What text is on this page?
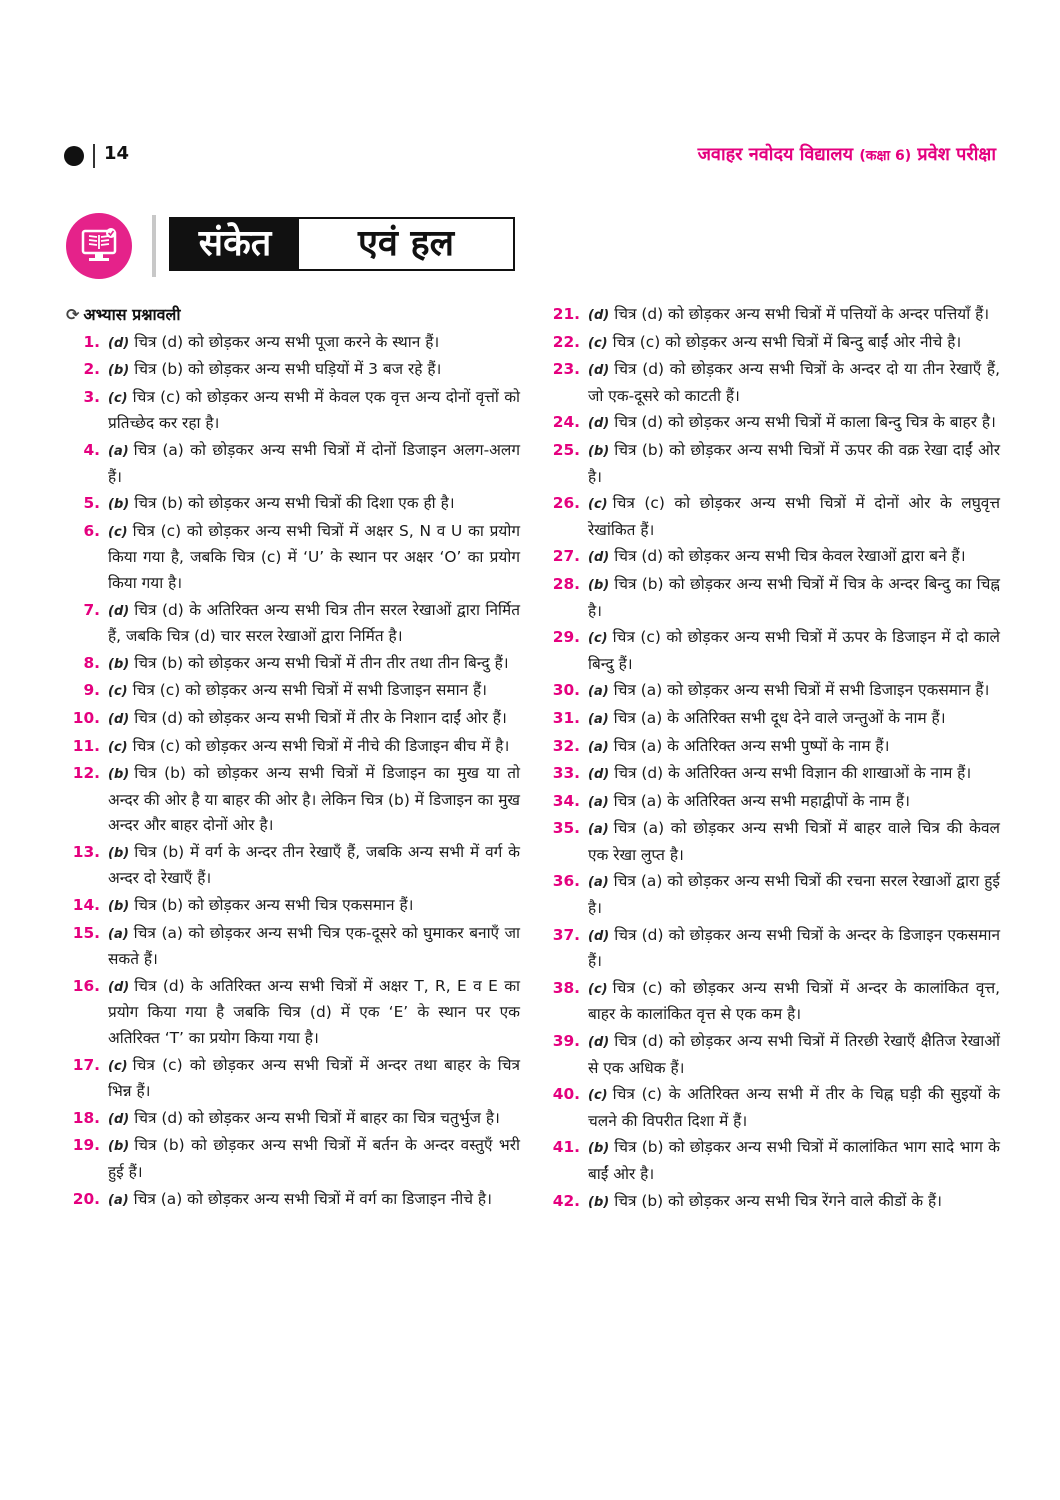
14	जवाहर नवोदय विद्यालय (कक्षा 6) प्रवेश परीक्षा
संकेत	एवं हल
⟳ अभ्यास प्रश्नावली
1. (d) चित्र (d) को छोड़कर अन्य सभी पूजा करने के स्थान हैं।
2. (b) चित्र (b) को छोड़कर अन्य सभी घड़ियों में 3 बज रहे हैं।
3. (c) चित्र (c) को छोड़कर अन्य सभी में केवल एक वृत्त अन्य दोनों वृत्तों को प्रतिच्छेद कर रहा है।
4. (a) चित्र (a) को छोड़कर अन्य सभी चित्रों में दोनों डिजाइन अलग-अलग हैं।
5. (b) चित्र (b) को छोड़कर अन्य सभी चित्रों की दिशा एक ही है।
6. (c) चित्र (c) को छोड़कर अन्य सभी चित्रों में अक्षर S, N व U का प्रयोग किया गया है, जबकि चित्र (c) में ‘U’ के स्थान पर अक्षर ‘O’ का प्रयोग किया गया है।
7. (d) चित्र (d) के अतिरिक्त अन्य सभी चित्र तीन सरल रेखाओं द्वारा निर्मित हैं, जबकि चित्र (d) चार सरल रेखाओं द्वारा निर्मित है।
8. (b) चित्र (b) को छोड़कर अन्य सभी चित्रों में तीन तीर तथा तीन बिन्दु हैं।
9. (c) चित्र (c) को छोड़कर अन्य सभी चित्रों में सभी डिजाइन समान हैं।
10. (d) चित्र (d) को छोड़कर अन्य सभी चित्रों में तीर के निशान दाईं ओर हैं।
11. (c) चित्र (c) को छोड़कर अन्य सभी चित्रों में नीचे की डिजाइन बीच में है।
12. (b) चित्र (b) को छोड़कर अन्य सभी चित्रों में डिजाइन का मुख या तो अन्दर की ओर है या बाहर की ओर है। लेकिन चित्र (b) में डिजाइन का मुख अन्दर और बाहर दोनों ओर है।
13. (b) चित्र (b) में वर्ग के अन्दर तीन रेखाएँ हैं, जबकि अन्य सभी में वर्ग के अन्दर दो रेखाएँ हैं।
14. (b) चित्र (b) को छोड़कर अन्य सभी चित्र एकसमान हैं।
15. (a) चित्र (a) को छोड़कर अन्य सभी चित्र एक-दूसरे को घुमाकर बनाएँ जा सकते हैं।
16. (d) चित्र (d) के अतिरिक्त अन्य सभी चित्रों में अक्षर T, R, E व E का प्रयोग किया गया है जबकि चित्र (d) में एक ‘E’ के स्थान पर एक अतिरिक्त ‘T’ का प्रयोग किया गया है।
17. (c) चित्र (c) को छोड़कर अन्य सभी चित्रों में अन्दर तथा बाहर के चित्र भिन्न हैं।
18. (d) चित्र (d) को छोड़कर अन्य सभी चित्रों में बाहर का चित्र चतुर्भुज है।
19. (b) चित्र (b) को छोड़कर अन्य सभी चित्रों में बर्तन के अन्दर वस्तुएँ भरी हुई हैं।
20. (a) चित्र (a) को छोड़कर अन्य सभी चित्रों में वर्ग का डिजाइन नीचे है।
21. (d) चित्र (d) को छोड़कर अन्य सभी चित्रों में पत्तियों के अन्दर पत्तियाँ हैं।
22. (c) चित्र (c) को छोड़कर अन्य सभी चित्रों में बिन्दु बाईं ओर नीचे है।
23. (d) चित्र (d) को छोड़कर अन्य सभी चित्रों के अन्दर दो या तीन रेखाएँ हैं, जो एक-दूसरे को काटती हैं।
24. (d) चित्र (d) को छोड़कर अन्य सभी चित्रों में काला बिन्दु चित्र के बाहर है।
25. (b) चित्र (b) को छोड़कर अन्य सभी चित्रों में ऊपर की वक्र रेखा दाईं ओर है।
26. (c) चित्र (c) को छोड़कर अन्य सभी चित्रों में दोनों ओर के लघुवृत्त रेखांकित हैं।
27. (d) चित्र (d) को छोड़कर अन्य सभी चित्र केवल रेखाओं द्वारा बने हैं।
28. (b) चित्र (b) को छोड़कर अन्य सभी चित्रों में चित्र के अन्दर बिन्दु का चिह्न है।
29. (c) चित्र (c) को छोड़कर अन्य सभी चित्रों में ऊपर के डिजाइन में दो काले बिन्दु हैं।
30. (a) चित्र (a) को छोड़कर अन्य सभी चित्रों में सभी डिजाइन एकसमान हैं।
31. (a) चित्र (a) के अतिरिक्त सभी दूध देने वाले जन्तुओं के नाम हैं।
32. (a) चित्र (a) के अतिरिक्त अन्य सभी पुष्पों के नाम हैं।
33. (d) चित्र (d) के अतिरिक्त अन्य सभी विज्ञान की शाखाओं के नाम हैं।
34. (a) चित्र (a) के अतिरिक्त अन्य सभी महाद्वीपों के नाम हैं।
35. (a) चित्र (a) को छोड़कर अन्य सभी चित्रों में बाहर वाले चित्र की केवल एक रेखा लुप्त है।
36. (a) चित्र (a) को छोड़कर अन्य सभी चित्रों की रचना सरल रेखाओं द्वारा हुई है।
37. (d) चित्र (d) को छोड़कर अन्य सभी चित्रों के अन्दर के डिजाइन एकसमान हैं।
38. (c) चित्र (c) को छोड़कर अन्य सभी चित्रों में अन्दर के कालांकित वृत्त, बाहर के कालांकित वृत्त से एक कम है।
39. (d) चित्र (d) को छोड़कर अन्य सभी चित्रों में तिरछी रेखाएँ क्षैतिज रेखाओं से एक अधिक हैं।
40. (c) चित्र (c) के अतिरिक्त अन्य सभी में तीर के चिह्न घड़ी की सुइयों के चलने की विपरीत दिशा में हैं।
41. (b) चित्र (b) को छोड़कर अन्य सभी चित्रों में कालांकित भाग सादे भाग के बाईं ओर है।
42. (b) चित्र (b) को छोड़कर अन्य सभी चित्र रेंगने वाले कीडों के हैं।
